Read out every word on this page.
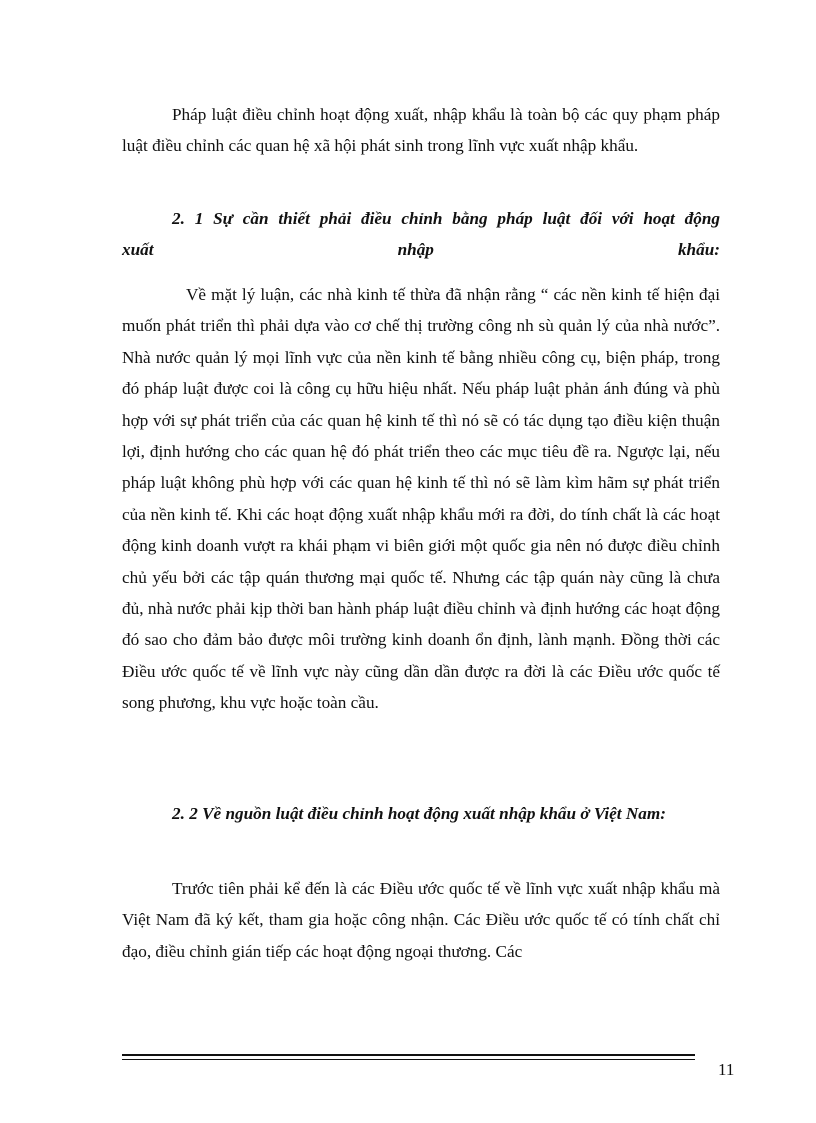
Pháp luật điều chỉnh hoạt động xuất, nhập khẩu là toàn bộ các quy phạm pháp luật điều chỉnh các quan hệ xã hội phát sinh trong lĩnh vực xuất nhập khẩu.

2. 1 Sự cần thiết phải điều chỉnh bằng pháp luật đối với hoạt động
xuất nhập khẩu:

Về mặt lý luận, các nhà kinh tế thừa đã nhận rằng “ các nền kinh tế hiện đại muốn phát triển thì phải dựa vào cơ chế thị trường công nh sù quản lý của nhà nước”. Nhà nước quản lý mọi lĩnh vực của nền kinh tế bằng nhiều công cụ, biện pháp, trong đó pháp luật được coi là công cụ hữu hiệu nhất. Nếu pháp luật phản ánh đúng và phù hợp với sự phát triển của các quan hệ kinh tế thì nó sẽ có tác dụng tạo điều kiện thuận lợi, định hướng cho các quan hệ đó phát triển theo các mục tiêu đề ra. Ngược lại, nếu pháp luật không phù hợp với các quan hệ kinh tế thì nó sẽ làm kìm hãm sự phát triển của nền kinh tế. Khi các hoạt động xuất nhập khẩu mới ra đời, do tính chất là các hoạt động kinh doanh vượt ra khái phạm vi biên giới một quốc gia nên nó được điều chỉnh chủ yếu bởi các tập quán thương mại quốc tế. Nhưng các tập quán này cũng là chưa đủ, nhà nước phải kịp thời ban hành pháp luật điều chỉnh và định hướng các hoạt động đó sao cho đảm bảo được môi trường kinh doanh ổn định, lành mạnh. Đồng thời các Điều ước quốc tế về lĩnh vực này cũng dần dần được ra đời là các Điều ước quốc tế song phương, khu vực hoặc toàn cầu.

2. 2 Về nguồn luật điều chỉnh hoạt động xuất nhập khẩu ở Việt Nam:

Trước tiên phải kể đến là các Điều ước quốc tế về lĩnh vực xuất nhập khẩu mà Việt Nam đã ký kết, tham gia hoặc công nhận. Các Điều ước quốc tế có tính chất chỉ đạo, điều chỉnh gián tiếp các hoạt động ngoại thương. Các

11
